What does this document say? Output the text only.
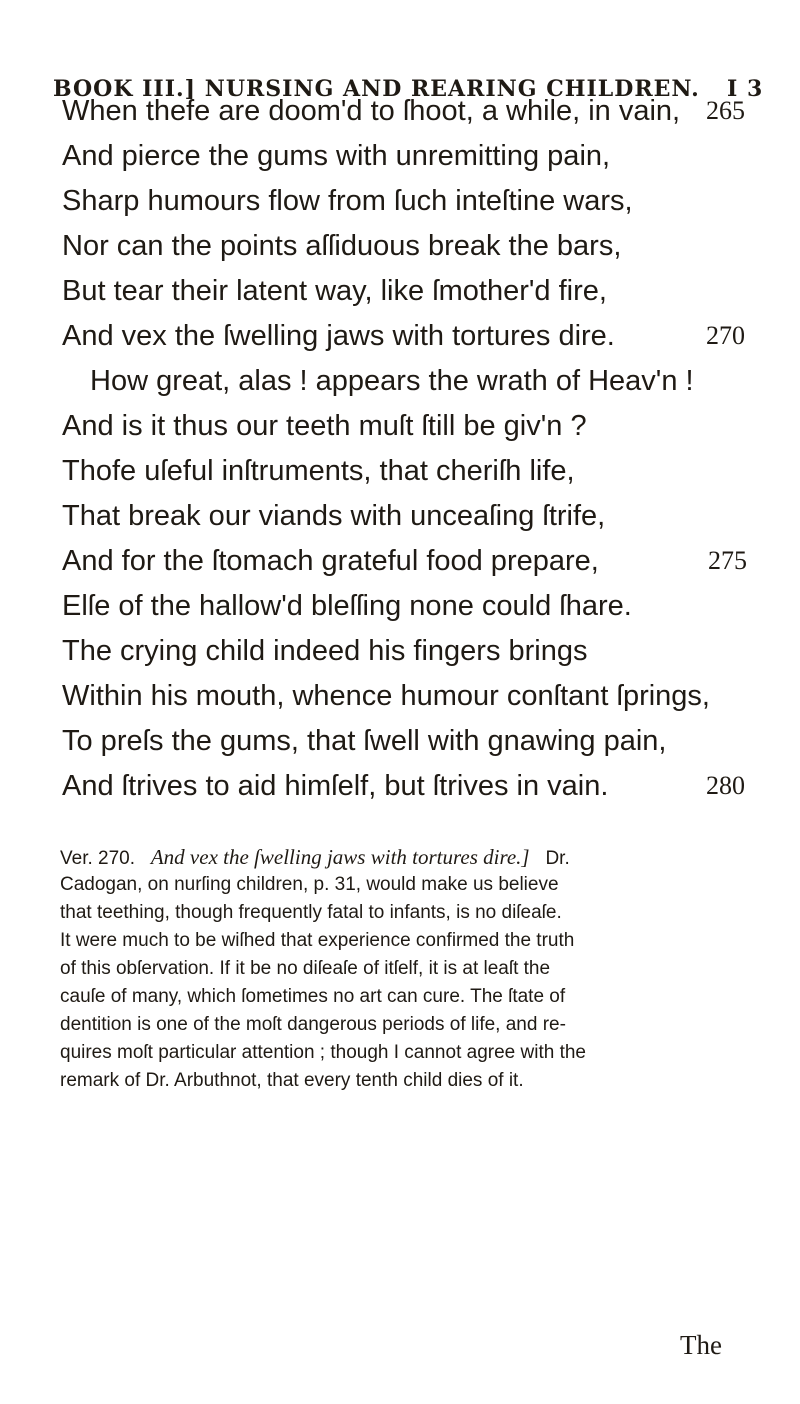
BOOK III.] NURSING AND REARING CHILDREN. I 3
When thefe are doom'd to ſhoot, a while, in vain,
And pierce the gums with unremitting pain,
Sharp humours flow from ſuch inteſtine wars,
Nor can the points aſſiduous break the bars,
But tear their latent way, like ſmother'd fire,
And vex the ſwelling jaws with tortures dire.
How great, alas ! appears the wrath of Heav'n !
And is it thus our teeth muſt ſtill be giv'n ?
Thofe uſeful inſtruments, that cheriſh life,
That break our viands with unceaſing ſtrife,
And for the ſtomach grateful food prepare,
Elſe of the hallow'd bleſſing none could ſhare.
The crying child indeed his fingers brings
Within his mouth, whence humour conſtant ſprings,
To preſs the gums, that ſwell with gnawing pain,
And ſtrives to aid himſelf, but ſtrives in vain.
265
270
275
280
Ver. 270. And vex the ſwelling jaws with tortures dire.] Dr.
Cadogan, on nurſing children, p. 31, would make us believe
that teething, though frequently fatal to infants, is no diſeaſe.
It were much to be wiſhed that experience confirmed the truth
of this obſervation. If it be no diſeaſe of itſelf, it is at leaſt the
cauſe of many, which ſometimes no art can cure. The ſtate of
dentition is one of the moſt dangerous periods of life, and re-
quires moſt particular attention ; though I cannot agree with the
remark of Dr. Arbuthnot, that every tenth child dies of it.
The
